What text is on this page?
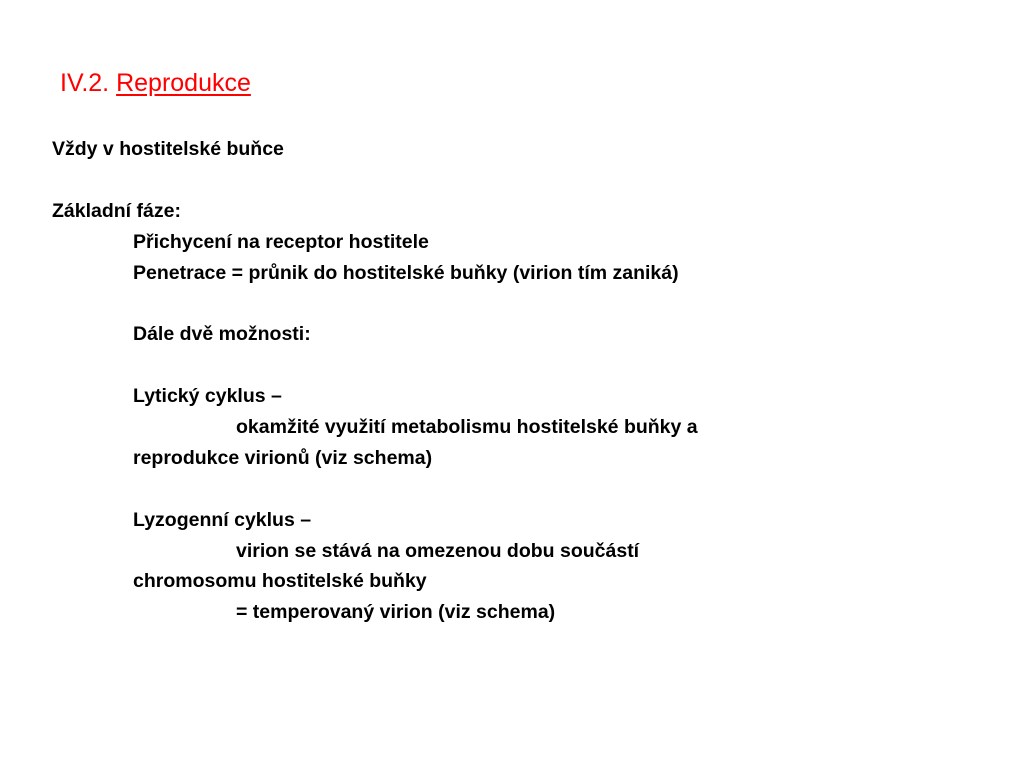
IV.2. Reprodukce
Vždy v hostitelské buňce
Základní fáze:
Přichycení na receptor hostitele
Penetrace = průnik do hostitelské buňky (virion tím zaniká)
Dále dvě možnosti:
Lytický cyklus –
okamžité využití metabolismu hostitelské buňky a
reprodukce virionů (viz schema)
Lyzogenní cyklus –
virion se stává na omezenou dobu součástí
chromosomu hostitelské buňky
= temperovaný virion (viz schema)
